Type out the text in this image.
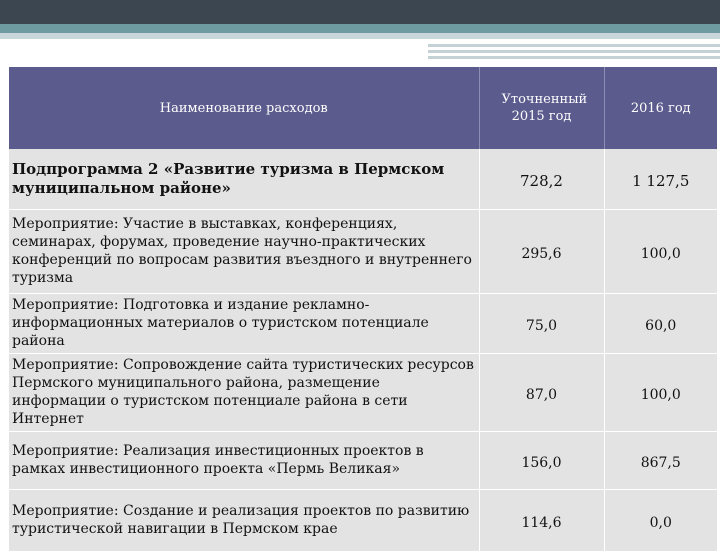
Наименование расходов	Уточненный 2015 год	2016 год
Подпрограмма 2 «Развитие туризма в Пермском муниципальном районе»	728,2	1 127,5
Мероприятие: Участие в выставках, конференциях, семинарах, форумах, проведение научно-практических конференций по вопросам развития въездного и внутреннего туризма	295,6	100,0
Мероприятие: Подготовка и издание рекламно-информационных материалов о туристском потенциале района	75,0	60,0
Мероприятие: Сопровождение сайта туристических ресурсов Пермского муниципального района, размещение информации о туристском потенциале района в сети Интернет	87,0	100,0
Мероприятие: Реализация инвестиционных проектов в рамках инвестиционного проекта «Пермь Великая»	156,0	867,5
Мероприятие: Создание и реализация проектов по развитию туристической навигации в Пермском крае	114,6	0,0
